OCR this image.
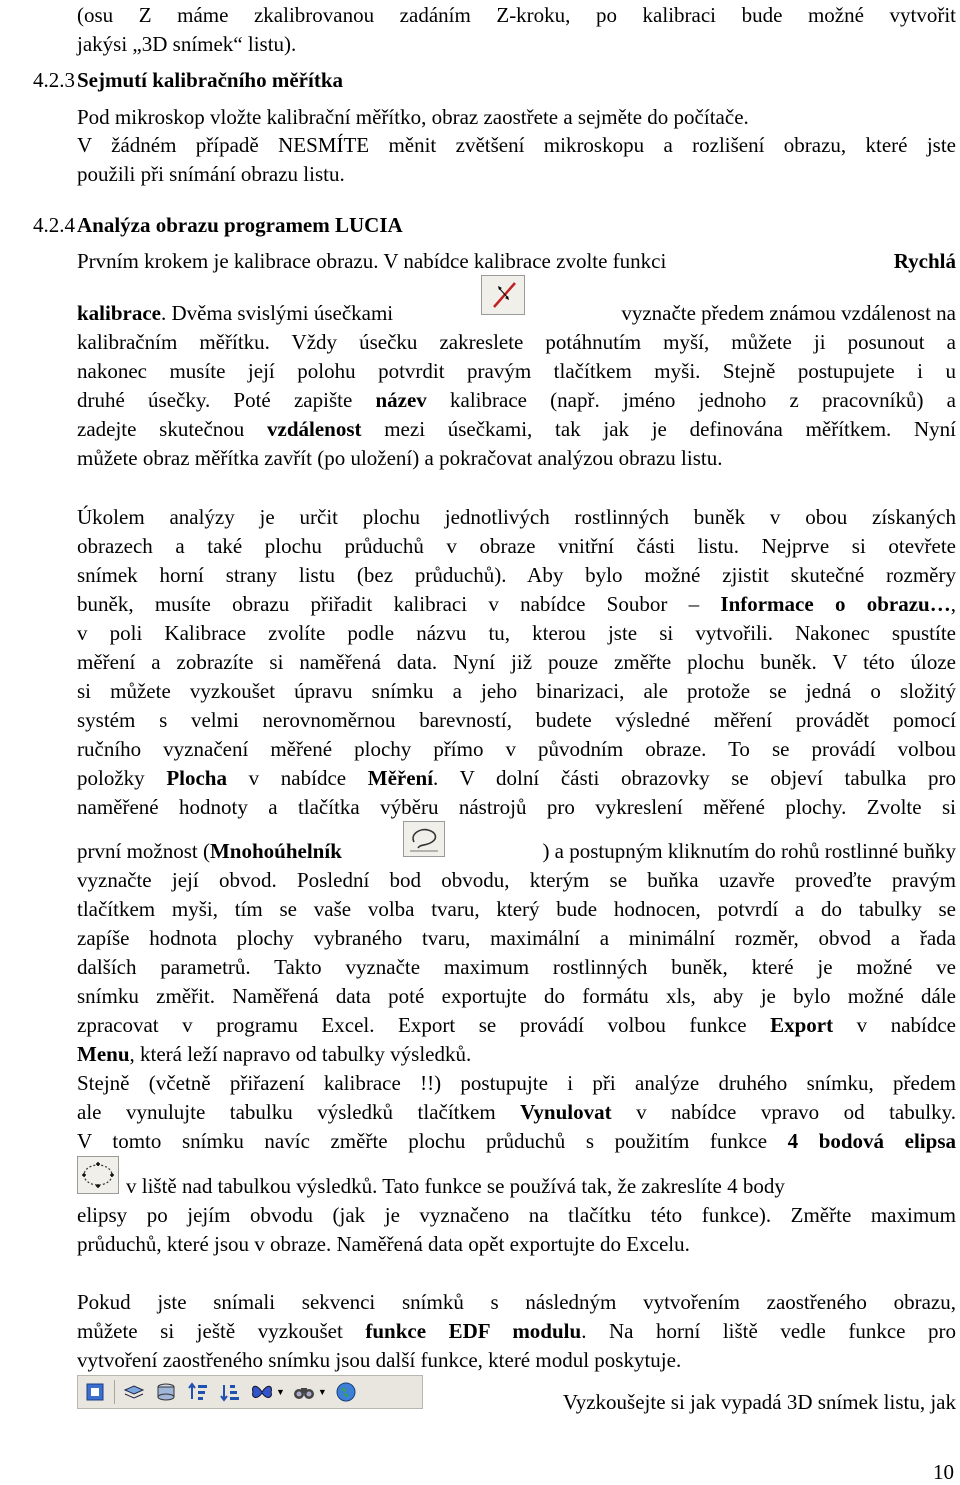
(osu Z máme zkalibrovanou zadáním Z-kroku, po kalibraci bude možné vytvořit
jakýsi „3D snímek“ listu).
4.2.3 Sejmutí kalibračního měřítka
Pod mikroskop vložte kalibrační měřítko, obraz zaostřete a sejměte do počítače.
V žádném případě NESMÍTE měnit zvětšení mikroskopu a rozlišení obrazu, které jste
použili při snímání obrazu listu.
4.2.4 Analýza obrazu programem LUCIA
Prvním krokem je kalibrace obrazu. V nabídce kalibrace zvolte funkci	Rychlá
kalibrace. Dvěma svislými úsečkami	vyznačte předem známou vzdálenost na
kalibračním měřítku. Vždy úsečku zakreslete potáhnutím myší, můžete ji posunout a
nakonec musíte její polohu potvrdit pravým tlačítkem myši. Stejně postupujete i u
druhé úsečky. Poté zapište název kalibrace (např. jméno jednoho z pracovníků) a
zadejte skutečnou vzdálenost mezi úsečkami, tak jak je definována měřítkem. Nyní
můžete obraz měřítka zavřít (po uložení) a pokračovat analýzou obrazu listu.
Úkolem analýzy je určit plochu jednotlivých rostlinných buněk v obou získaných
obrazech a také plochu průduchů v obraze vnitřní části listu. Nejprve si otevřete
snímek horní strany listu (bez průduchů). Aby bylo možné zjistit skutečné rozměry
buněk, musíte obrazu přiřadit kalibraci v nabídce Soubor – Informace o obrazu…,
v poli Kalibrace zvolíte podle názvu tu, kterou jste si vytvořili. Nakonec spustíte
měření a zobrazíte si naměřená data. Nyní již pouze změřte plochu buněk. V této úloze
si můžete vyzkoušet úpravu snímku a jeho binarizaci, ale protože se jedná o složitý
systém s velmi nerovnoměrnou barevností, budete výsledné měření provádět pomocí
ručního vyznačení měřené plochy přímo v původním obraze. To se provádí volbou
položky Plocha v nabídce Měření. V dolní části obrazovky se objeví tabulka pro
naměřené hodnoty a tlačítka výběru nástrojů pro vykreslení měřené plochy. Zvolte si
první možnost (Mnohoúhelník	) a postupným kliknutím do rohů rostlinné buňky
vyznačte její obvod. Poslední bod obvodu, kterým se buňka uzavře proveďte pravým
tlačítkem myši, tím se vaše volba tvaru, který bude hodnocen, potvrdí a do tabulky se
zapíše hodnota plochy vybraného tvaru, maximální a minimální rozměr, obvod a řada
dalších parametrů. Takto vyznačte maximum rostlinných buněk, které je možné ve
snímku změřit. Naměřená data poté exportujte do formátu xls, aby je bylo možné dále
zpracovat v programu Excel. Export se provádí volbou funkce Export v nabídce
Menu, která leží napravo od tabulky výsledků.
Stejně (včetně přiřazení kalibrace !!) postupujte i při analýze druhého snímku, předem
ale vynulujte tabulku výsledků tlačítkem Vynulovat v nabídce vpravo od tabulky.
V tomto snímku navíc změřte plochu průduchů s použitím funkce 4 bodová elipsa
v liště nad tabulkou výsledků. Tato funkce se používá tak, že zakreslíte 4 body
elipsy po jejím obvodu (jak je vyznačeno na tlačítku této funkce). Změřte maximum
průduchů, které jsou v obraze. Naměřená data opět exportujte do Excelu.
Pokud jste snímali sekvenci snímků s následným vytvořením zaostřeného obrazu,
můžete si ještě vyzkoušet funkce EDF modulu. Na horní liště vedle funkce pro
vytvoření zaostřeného snímku jsou další funkce, které modul poskytuje.
▼	▼	Vyzkoušejte si jak vypadá 3D snímek listu, jak
10
